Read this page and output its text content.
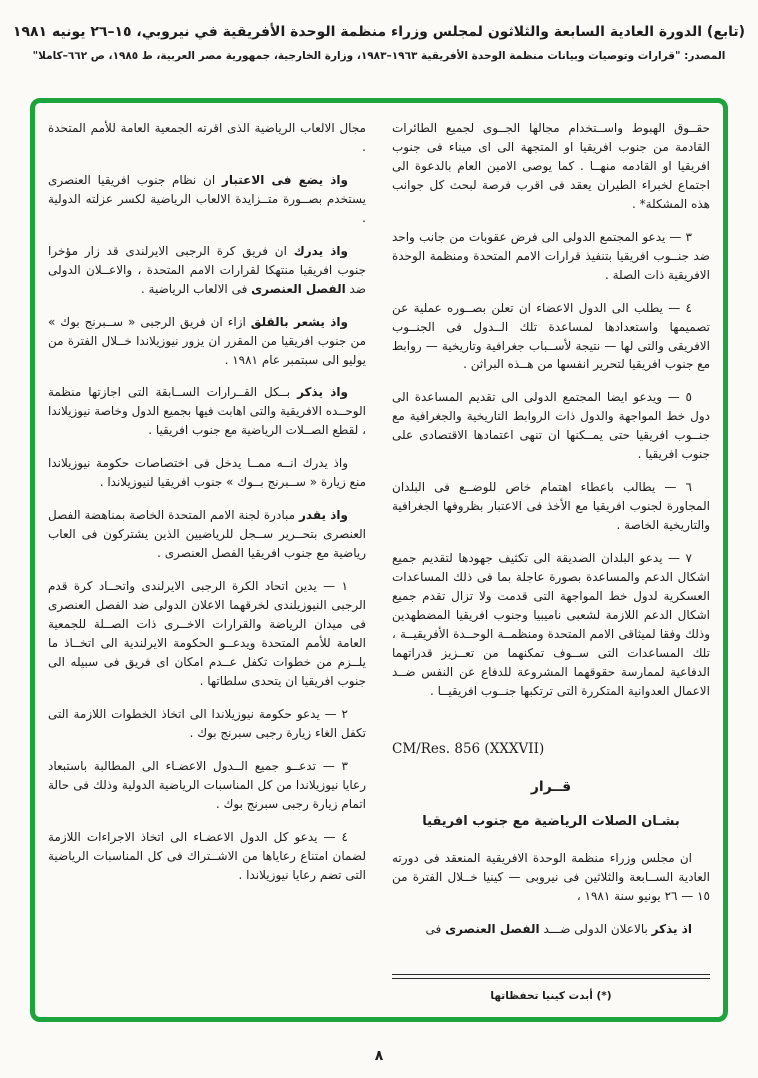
(تابع) الدورة العادية السابعة والثلاثون لمجلس وزراء منظمة الوحدة الأفريقية في نيروبي، ١٥–٢٦ يونيه ١٩٨١
المصدر: "قرارات وتوصيات وبيانات منظمة الوحدة الأفريقية ١٩٦٣–١٩٨٣، وزارة الخارجية، جمهورية مصر العربية، ط ١٩٨٥، ص ٦٦٢–كاملا"

حقــوق الهبوط واســتخدام مجالها الجــوى لجميع الطائرات القادمة من جنوب افريقيا او المتجهة الى اى ميناء فى جنوب افريقيا او القادمه منهــا . كما يوصى الامين العام بالدعوة الى اجتماع لخبراء الطيران يعقد فى اقرب فرصة لبحث كل جوانب هذه المشكلة* .

٣ — يدعو المجتمع الدولى الى فرض عقوبات من جانب واحد ضد جنــوب افريقيا بتنفيذ قرارات الامم المتحدة ومنظمة الوحدة الافريقية ذات الصلة .

٤ — يطلب الى الدول الاعضاء ان تعلن بصــوره عملية عن تصميمها واستعدادها لمساعدة تلك الــدول فى الجنــوب الافريقى والتى لها — نتيجة لأســباب جغرافية وتاريخية — روابط مع جنوب افريقيا لتحرير انفسها من هــذه البراثن .

٥ — ويدعو ايضا المجتمع الدولى الى تقديم المساعدة الى دول خط المواجهة والدول ذات الروابط التاريخية والجغرافية مع جنــوب افريقيا حتى يمــكنها ان تنهى اعتمادها الاقتصادى على جنوب افريقيا .

٦ — يطالب باعطاء اهتمام خاص للوضــع فى البلدان المجاورة لجنوب افريقيا مع الأخذ فى الاعتبار بظروفها الجغرافية والتاريخية الخاصة .

٧ — يدعو البلدان الصديقة الى تكثيف جهودها لتقديم جميع اشكال الدعم والمساعدة بصورة عاجلة بما فى ذلك المساعدات العسكرية لدول خط المواجهة التى قدمت ولا تزال تقدم جميع اشكال الدعم اللازمة لشعبى ناميبيا وجنوب افريقيا المضطهدين وذلك وفقا لميثاقى الامم المتحدة ومنظمــة الوحــدة الأفريقيــة ، تلك المساعدات التى ســوف تمكنهما من تعــزيز قدراتهما الدفاعية لممارسة حقوقهما المشروعة للدفاع عن النفس ضــد الاعمال العدوانية المتكررة التى ترتكبها جنــوب افريقيــا .

CM/Res. 856 (XXXVII)

قــرار

بشـان الصلات الرياضية مع جنوب افريقيا

ان مجلس وزراء منظمة الوحدة الافريقية المنعقد فى دورته العادية الســابعة والثلاثين فى نيروبى — كينيا خــلال الفترة من ١٥ — ٢٦ يونيو سنة ١٩٨١ ،

اذ يذكر بالاعلان الدولى ضـــد الفصل العنصرى فى

(*) أبدت كينيا تحفظاتها

مجال الالعاب الرياضية الذى اقرته الجمعية العامة للأمم المتحدة .

واذ يضع فى الاعتبار ان نظام جنوب افريقيا العنصرى يستخدم بصــورة متــزايدة الالعاب الرياضية لكسر عزلته الدولية .

واذ يدرك ان فريق كرة الرجبى الايرلندى قد زار مؤخرا جنوب افريقيا منتهكا لقرارات الامم المتحدة ، والاعــلان الدولى ضد الفصل العنصرى فى الالعاب الرياضية .

واذ يشعر بالقلق ازاء ان فريق الرجبى « ســبرنج بوك » من جنوب افريقيا من المقرر ان يزور نيوزيلاندا خــلال الفترة من يوليو الى سبتمبر عام ١٩٨١ .

واذ يذكر بــكل القــرارات الســابقة التى اجازتها منظمة الوحــده الافريقية والتى اهابت فيها بجميع الدول وخاصة نيوزيلاندا ، لقطع الصــلات الرياضية مع جنوب افريقيا .

واذ يدرك انــه ممــا يدخل فى اختصاصات حكومة نيوزيلاندا منع زيارة « ســبرنج بــوك » جنوب افريقيا لنيوزيلاندا .

واذ يقدر مبادرة لجنة الامم المتحدة الخاصة بمناهضة الفصل العنصرى بتحــرير ســجل للرياضيين الذين يشتركون فى العاب رياضية مع جنوب افريقيا الفصل العنصرى .

١ — يدين اتحاد الكرة الرجبى الايرلندى واتحــاد كرة قدم الرجبى النيوزيلندى لخرقهما الاعلان الدولى ضد الفصل العنصرى فى ميدان الرياضة والقرارات الاخــرى ذات الصــلة للجمعية العامة للأمم المتحدة ويدعــو الحكومة الايرلندية الى اتخــاذ ما يلــزم من خطوات تكفل عــدم امكان اى فريق فى سبيله الى جنوب افريقيا ان يتحدى سلطاتها .

٢ — يدعو حكومة نيوزيلاندا الى اتخاذ الخطوات اللازمة التى تكفل الغاء زيارة رجبى سبرنج بوك .

٣ — تدعــو جميع الــدول الاعضـاء الى المطالبة باستبعاد رعايا نيوزيلاندا من كل المناسبات الرياضية الدولية وذلك فى حالة اتمام زيارة رجبى سبرنج بوك .

٤ — يدعو كل الدول الاعضـاء الى اتخاذ الاجراءات اللازمة لضمان امتناع رعاياها من الاشــتراك فى كل المناسبات الرياضية التى تضم رعايا نيوزيلاندا .

٨
